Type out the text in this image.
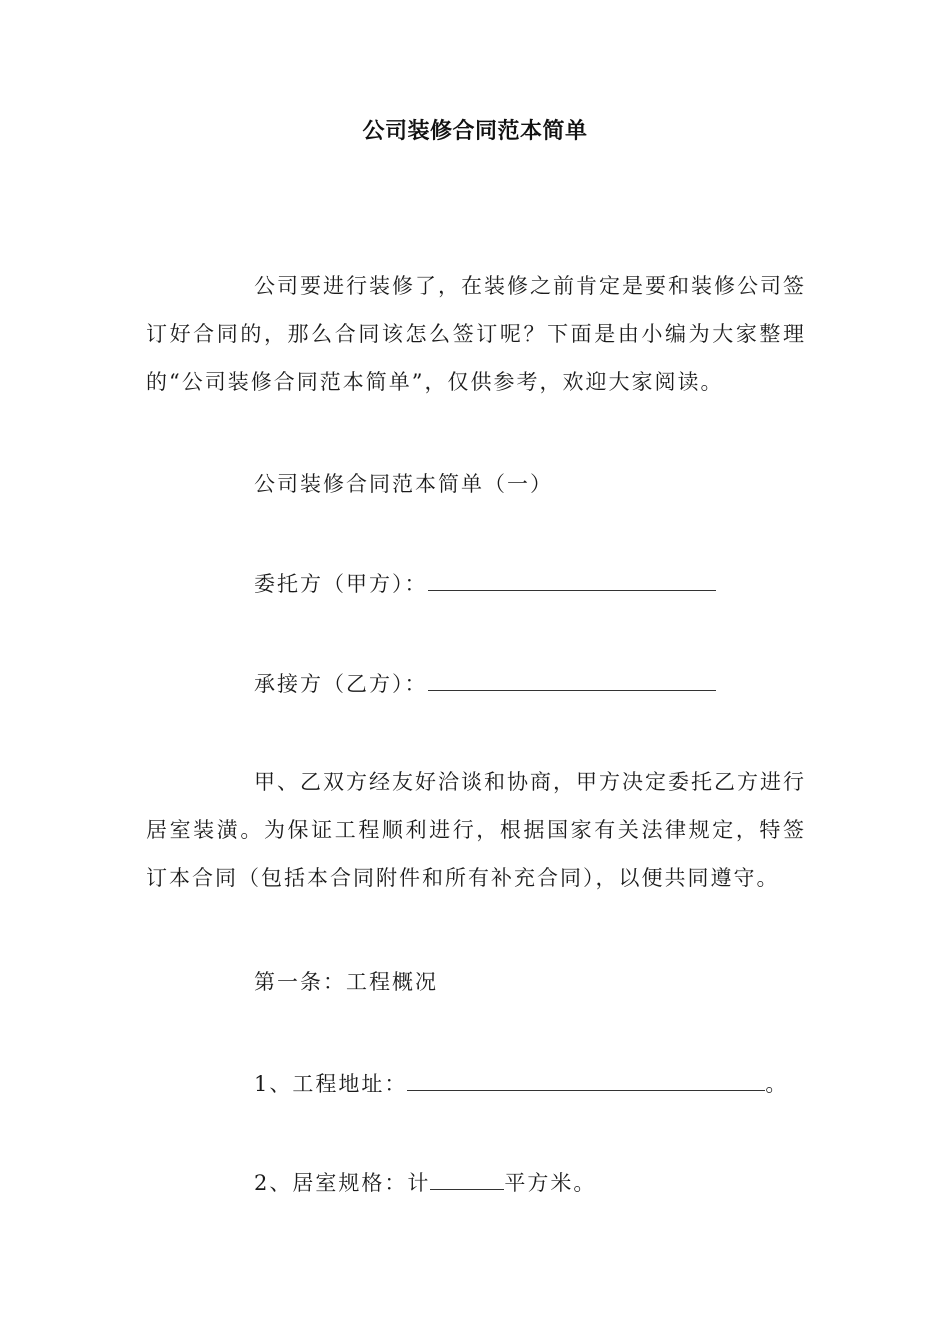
公司装修合同范本简单

公司要进行装修了，在装修之前肯定是要和装修公司签订好合同的，那么合同该怎么签订呢？下面是由小编为大家整理的“公司装修合同范本简单”，仅供参考，欢迎大家阅读。

公司装修合同范本简单（一）
委托方（甲方）：
承接方（乙方）：

甲、乙双方经友好洽谈和协商，甲方决定委托乙方进行居室装潢。为保证工程顺利进行，根据国家有关法律规定，特签订本合同（包括本合同附件和所有补充合同），以便共同遵守。

第一条：工程概况
1、工程地址：	。
2、居室规格：计	平方米。
